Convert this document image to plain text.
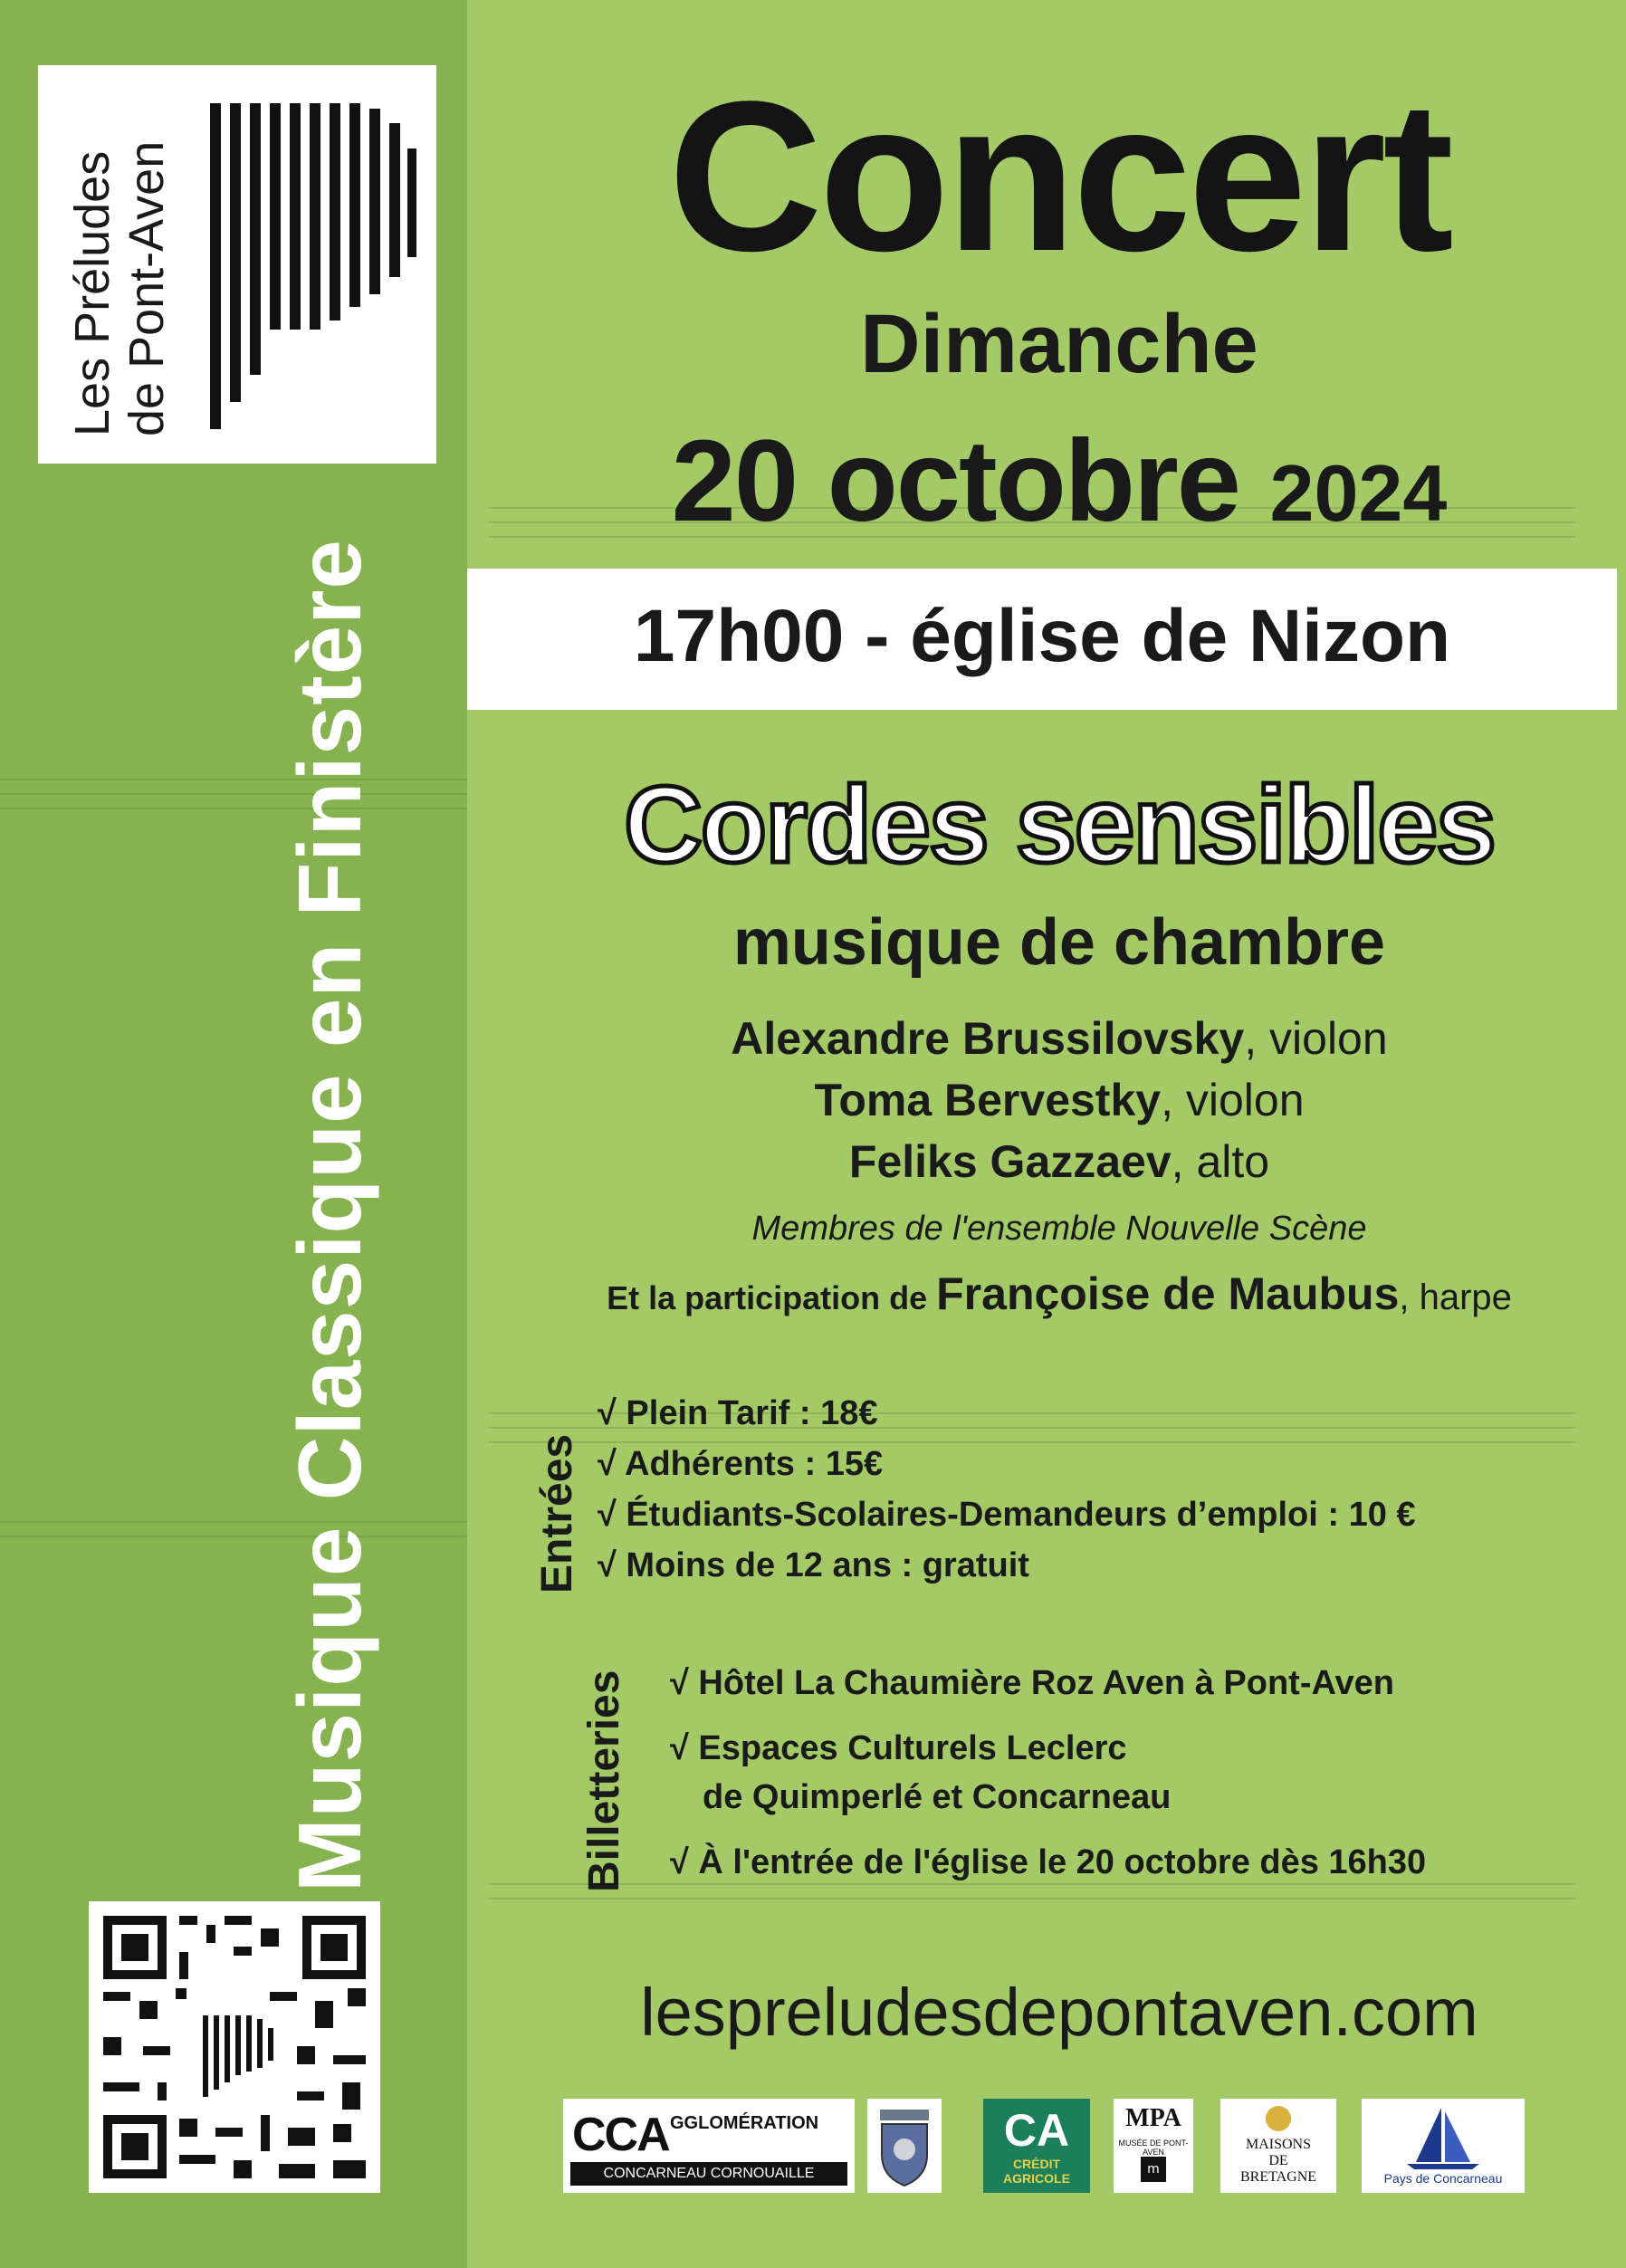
Les Préludes de Pont-Aven
Musique Classique en Finistère
Concert
Dimanche
20 octobre 2024
17h00 - église de Nizon
Cordes sensibles
musique de chambre
Alexandre Brussilovsky, violon
Toma Bervestky, violon
Feliks Gazzaev, alto
Membres de l'ensemble Nouvelle Scène
Et la participation de Françoise de Maubus, harpe
Entrées
√ Plein Tarif : 18€
√ Adhérents : 15€
√ Étudiants-Scolaires-Demandeurs d’emploi : 10 €
√ Moins de 12 ans : gratuit
Billetteries √ Hôtel La Chaumière Roz Aven à Pont-Aven
√ Espaces Culturels Leclerc
de Quimperlé et Concarneau
√ À l'entrée de l'église le 20 octobre dès 16h30
lespreludesdepontaven.com
CCA GGLOMÉRATION
CONCARNEAU CORNOUAILLE
CA
CRÉDIT
AGRICOLE
MPA
MUSÉE DE PONT-AVEN
m
MAISONS
DE
BRETAGNE	Pays de Concarneau
